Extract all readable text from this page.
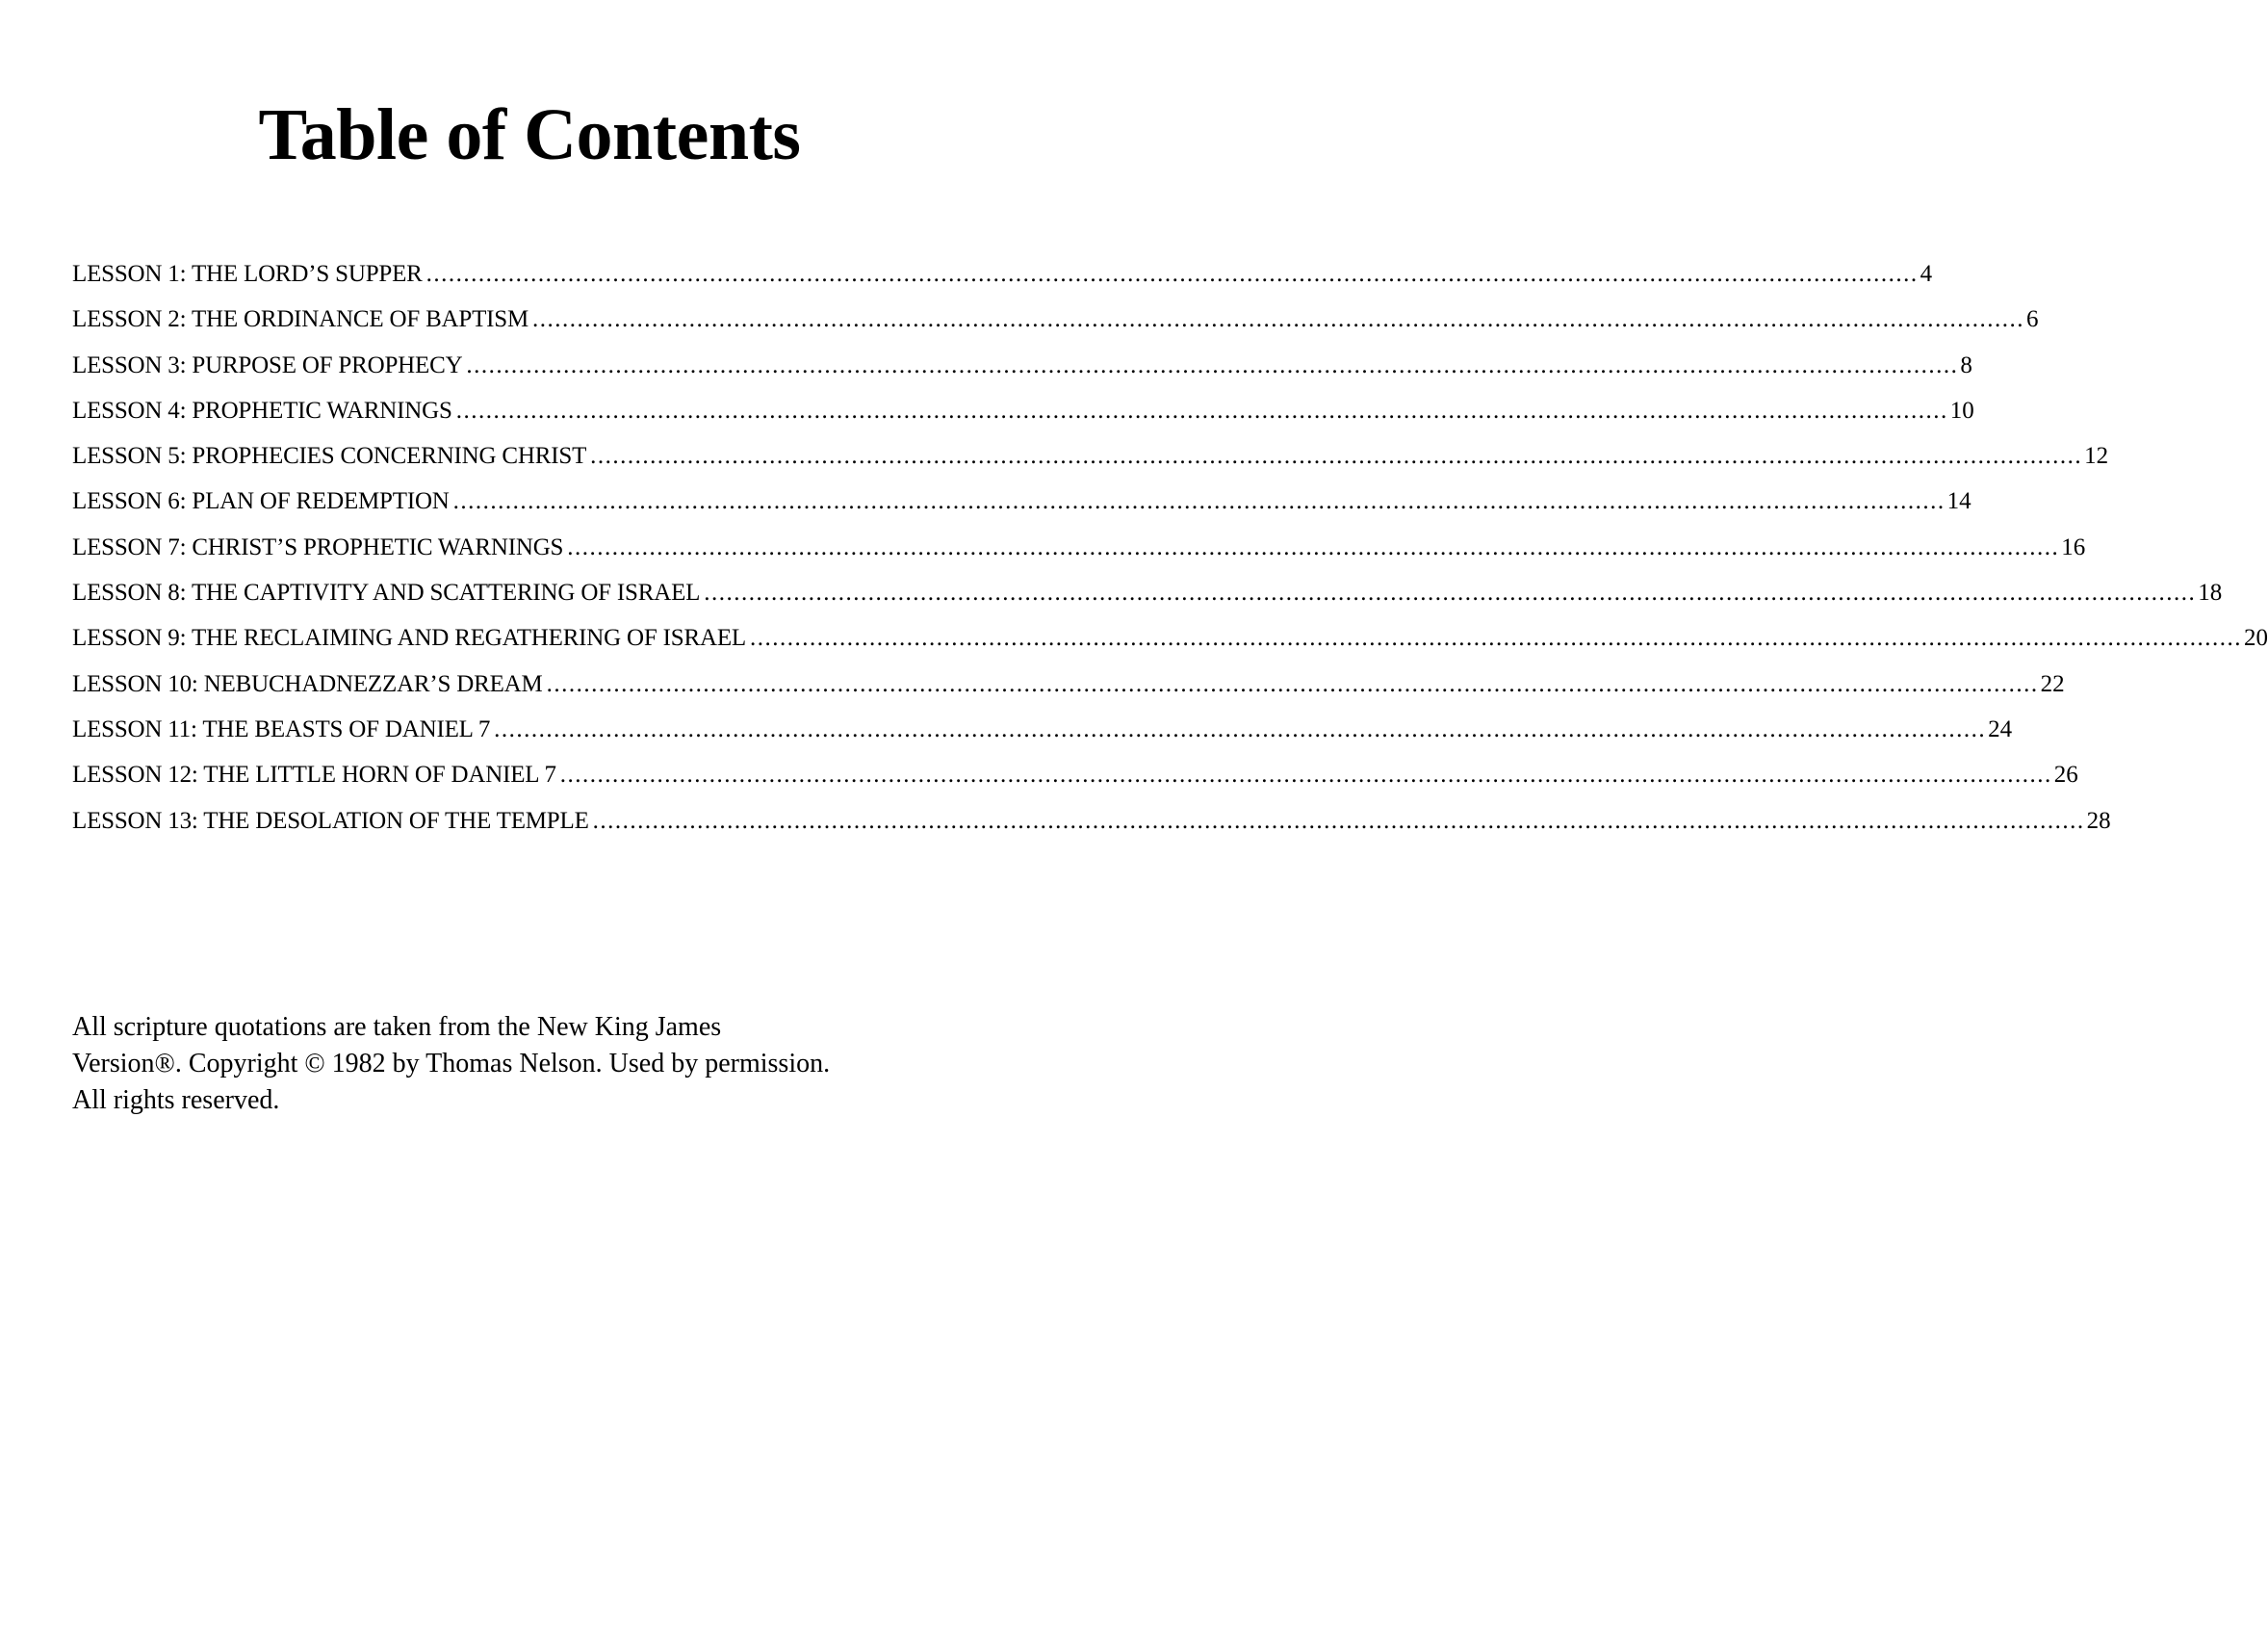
Table of Contents
LESSON 1: THE LORD’S SUPPER ........................................................................................................................................................................................................ 4
LESSON 2: THE ORDINANCE OF BAPTISM ........................................................................................................................................................................................................ 6
LESSON 3: PURPOSE OF PROPHECY ........................................................................................................................................................................................................ 8
LESSON 4: PROPHETIC WARNINGS ........................................................................................................................................................................................................ 10
LESSON 5: PROPHECIES CONCERNING CHRIST ........................................................................................................................................................................................................ 12
LESSON 6: PLAN OF REDEMPTION ........................................................................................................................................................................................................ 14
LESSON 7: CHRIST’S PROPHETIC WARNINGS ........................................................................................................................................................................................................ 16
LESSON 8: THE CAPTIVITY AND SCATTERING OF ISRAEL ........................................................................................................................................................................................................ 18
LESSON 9: THE RECLAIMING AND REGATHERING OF ISRAEL ........................................................................................................................................................................................................ 20
LESSON 10: NEBUCHADNEZZAR’S DREAM ........................................................................................................................................................................................................ 22
LESSON 11: THE BEASTS OF DANIEL 7 ........................................................................................................................................................................................................ 24
LESSON 12: THE LITTLE HORN OF DANIEL 7 ........................................................................................................................................................................................................ 26
LESSON 13: THE DESOLATION OF THE TEMPLE ........................................................................................................................................................................................................ 28
All scripture quotations are taken from the New King James
Version®. Copyright © 1982 by Thomas Nelson. Used by permission.
All rights reserved.
